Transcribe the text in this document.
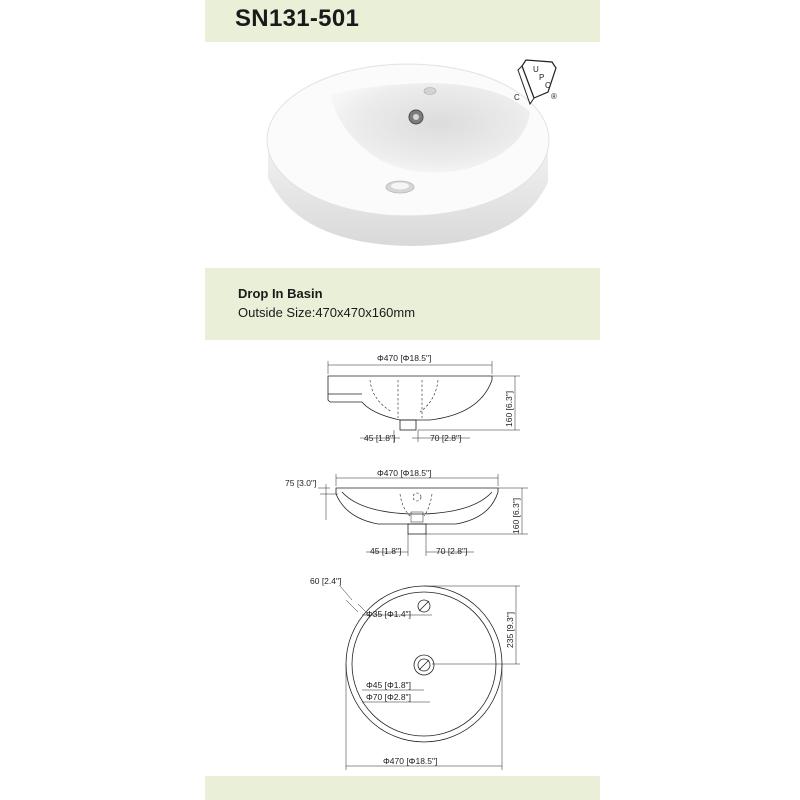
SN131-501
Drop In Basin
Outside Size:470x470x160mm
U
P
C
C	®
Φ470 [Φ18.5"]
160 [6.3"]
45 [1.8"]	70 [2.8"]
Φ470 [Φ18.5"]
75 [3.0"]
160 [6.3"]
45 [1.8"]	70 [2.8"]
60 [2.4"]
Φ35 [Φ1.4"]	235 [9.3"]
Φ45 [Φ1.8"]
Φ70 [Φ2.8"]
Φ470 [Φ18.5"]
